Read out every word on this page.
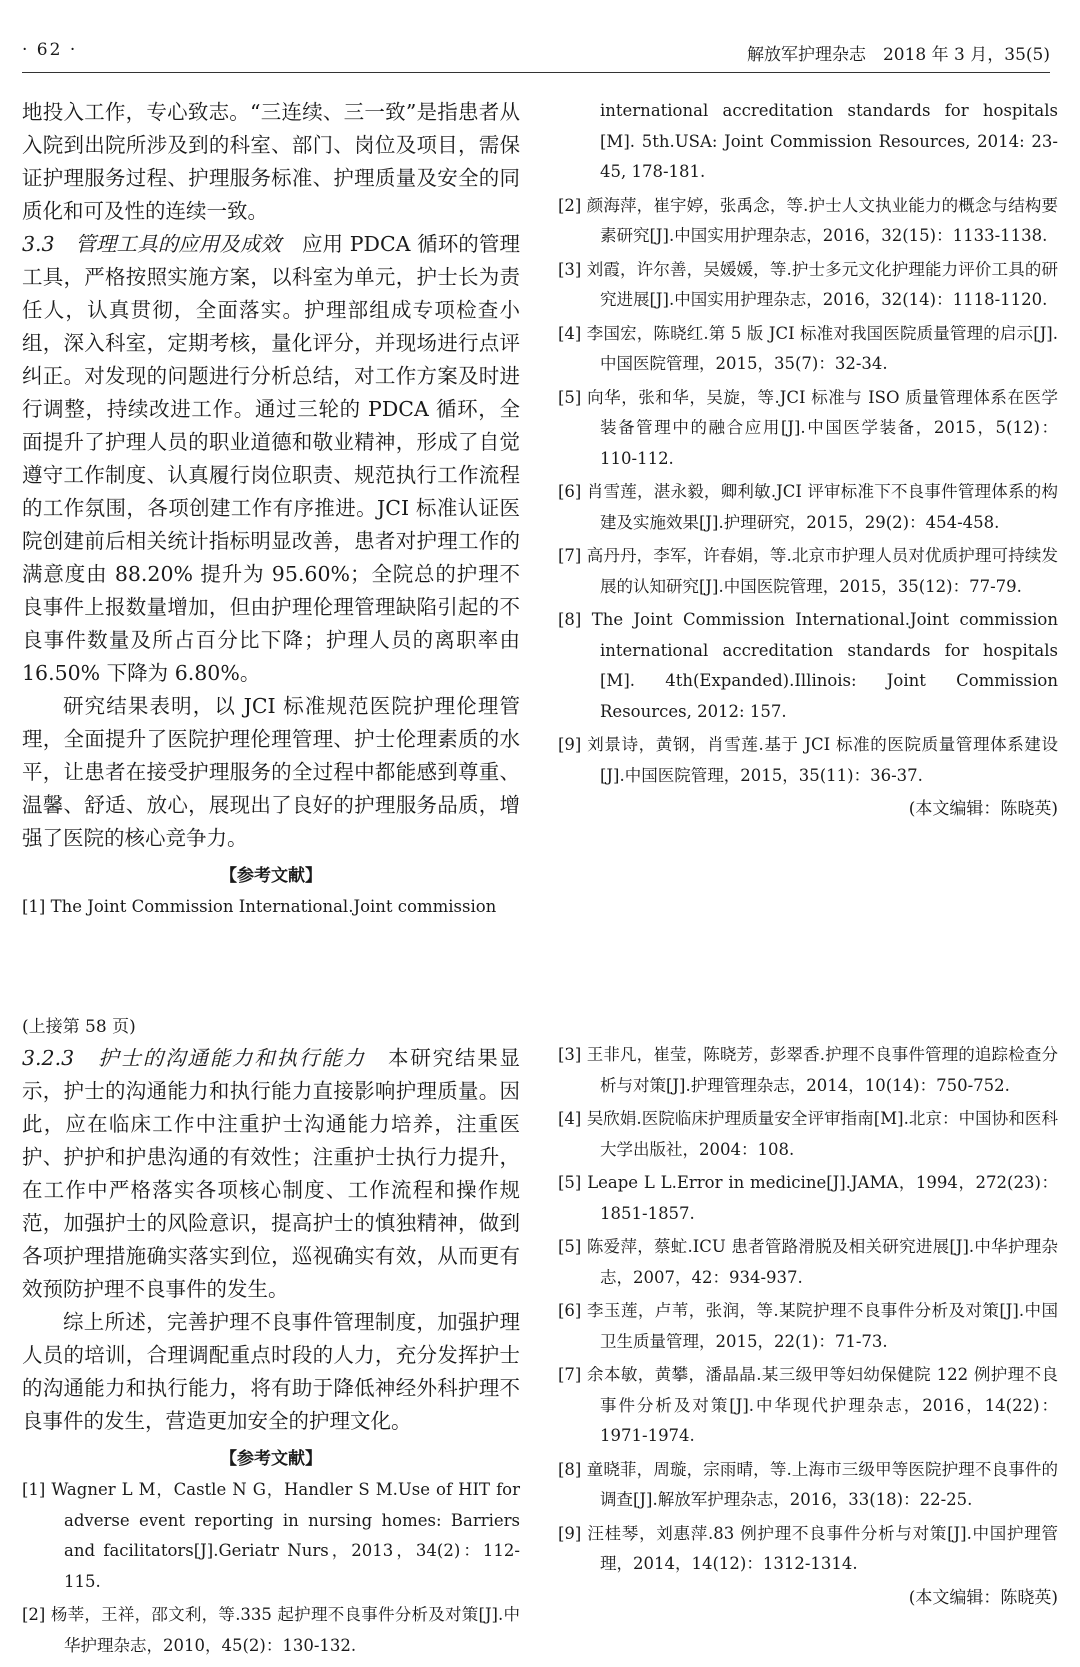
· 62 ·	解放军护理杂志　2018 年 3 月，35(5)

地投入工作，专心致志。“三连续、三一致”是指患者从入院到出院所涉及到的科室、部门、岗位及项目，需保证护理服务过程、护理服务标准、护理质量及安全的同质化和可及性的连续一致。

3.3　管理工具的应用及成效　 应用 PDCA 循环的管理工具，严格按照实施方案，以科室为单元，护士长为责任人，认真贯彻，全面落实。护理部组成专项检查小组，深入科室，定期考核，量化评分，并现场进行点评纠正。对发现的问题进行分析总结，对工作方案及时进行调整，持续改进工作。通过三轮的 PDCA 循环，全面提升了护理人员的职业道德和敬业精神，形成了自觉遵守工作制度、认真履行岗位职责、规范执行工作流程的工作氛围，各项创建工作有序推进。JCI 标准认证医院创建前后相关统计指标明显改善，患者对护理工作的满意度由 88.20% 提升为 95.60%；全院总的护理不良事件上报数量增加，但由护理伦理管理缺陷引起的不良事件数量及所占百分比下降；护理人员的离职率由 16.50% 下降为 6.80%。

研究结果表明，以 JCI 标准规范医院护理伦理管理，全面提升了医院护理伦理管理、护士伦理素质的水平，让患者在接受护理服务的全过程中都能感到尊重、温馨、舒适、放心，展现出了良好的护理服务品质，增强了医院的核心竞争力。

【参考文献】

[1] The Joint Commission International.Joint commission

international accreditation standards for hospitals [M]. 5th.USA: Joint Commission Resources, 2014: 23-45, 178-181.

[2] 颜海萍，崔宇婷，张禹念，等.护士人文执业能力的概念与结构要素研究[J].中国实用护理杂志，2016，32(15)：1133-1138.

[3] 刘霞，许尔善，吴媛媛，等.护士多元文化护理能力评价工具的研究进展[J].中国实用护理杂志，2016，32(14)：1118-1120.

[4] 李国宏，陈晓红.第 5 版 JCI 标准对我国医院质量管理的启示[J].中国医院管理，2015，35(7)：32-34.

[5] 向华，张和华，吴旋，等.JCI 标准与 ISO 质量管理体系在医学装备管理中的融合应用[J].中国医学装备，2015，5(12)：110-112.

[6] 肖雪莲，湛永毅，卿利敏.JCI 评审标准下不良事件管理体系的构建及实施效果[J].护理研究，2015，29(2)：454-458.

[7] 高丹丹，李军，许春娟，等.北京市护理人员对优质护理可持续发展的认知研究[J].中国医院管理，2015，35(12)：77-79.

[8] The Joint Commission International.Joint commission international accreditation standards for hospitals [M]. 4th(Expanded).Illinois: Joint Commission Resources, 2012: 157.

[9] 刘景诗，黄钢，肖雪莲.基于 JCI 标准的医院质量管理体系建设[J].中国医院管理，2015，35(11)：36-37.

(本文编辑：陈晓英)
(上接第 58 页)

3.2.3　护士的沟通能力和执行能力　 本研究结果显示，护士的沟通能力和执行能力直接影响护理质量。因此，应在临床工作中注重护士沟通能力培养，注重医护、护护和护患沟通的有效性；注重护士执行力提升，在工作中严格落实各项核心制度、工作流程和操作规范，加强护士的风险意识，提高护士的慎独精神，做到各项护理措施确实落实到位，巡视确实有效，从而更有效预防护理不良事件的发生。

综上所述，完善护理不良事件管理制度，加强护理人员的培训，合理调配重点时段的人力，充分发挥护士的沟通能力和执行能力，将有助于降低神经外科护理不良事件的发生，营造更加安全的护理文化。

【参考文献】

[1] Wagner L M，Castle N G，Handler S M.Use of HIT for adverse event reporting in nursing homes: Barriers and facilitators[J].Geriatr Nurs，2013，34(2)：112-115.

[2] 杨莘，王祥，邵文利，等.335 起护理不良事件分析及对策[J].中华护理杂志，2010，45(2)：130-132.

[3] 王非凡，崔莹，陈晓芳，彭翠香.护理不良事件管理的追踪检查分析与对策[J].护理管理杂志，2014，10(14)：750-752.

[4] 吴欣娟.医院临床护理质量安全评审指南[M].北京：中国协和医科大学出版社，2004：108.

[5] Leape L L.Error in medicine[J].JAMA，1994，272(23)：1851-1857.

[5] 陈爱萍，蔡虻.ICU 患者管路滑脱及相关研究进展[J].中华护理杂志，2007，42：934-937.

[6] 李玉莲，卢苇，张润，等.某院护理不良事件分析及对策[J].中国卫生质量管理，2015，22(1)：71-73.

[7] 余本敏，黄攀，潘晶晶.某三级甲等妇幼保健院 122 例护理不良事件分析及对策[J].中华现代护理杂志，2016，14(22)：1971-1974.

[8] 童晓菲，周璇，宗雨晴，等.上海市三级甲等医院护理不良事件的调查[J].解放军护理杂志，2016，33(18)：22-25.

[9] 汪桂琴，刘惠萍.83 例护理不良事件分析与对策[J].中国护理管理，2014，14(12)：1312-1314.

(本文编辑：陈晓英)
